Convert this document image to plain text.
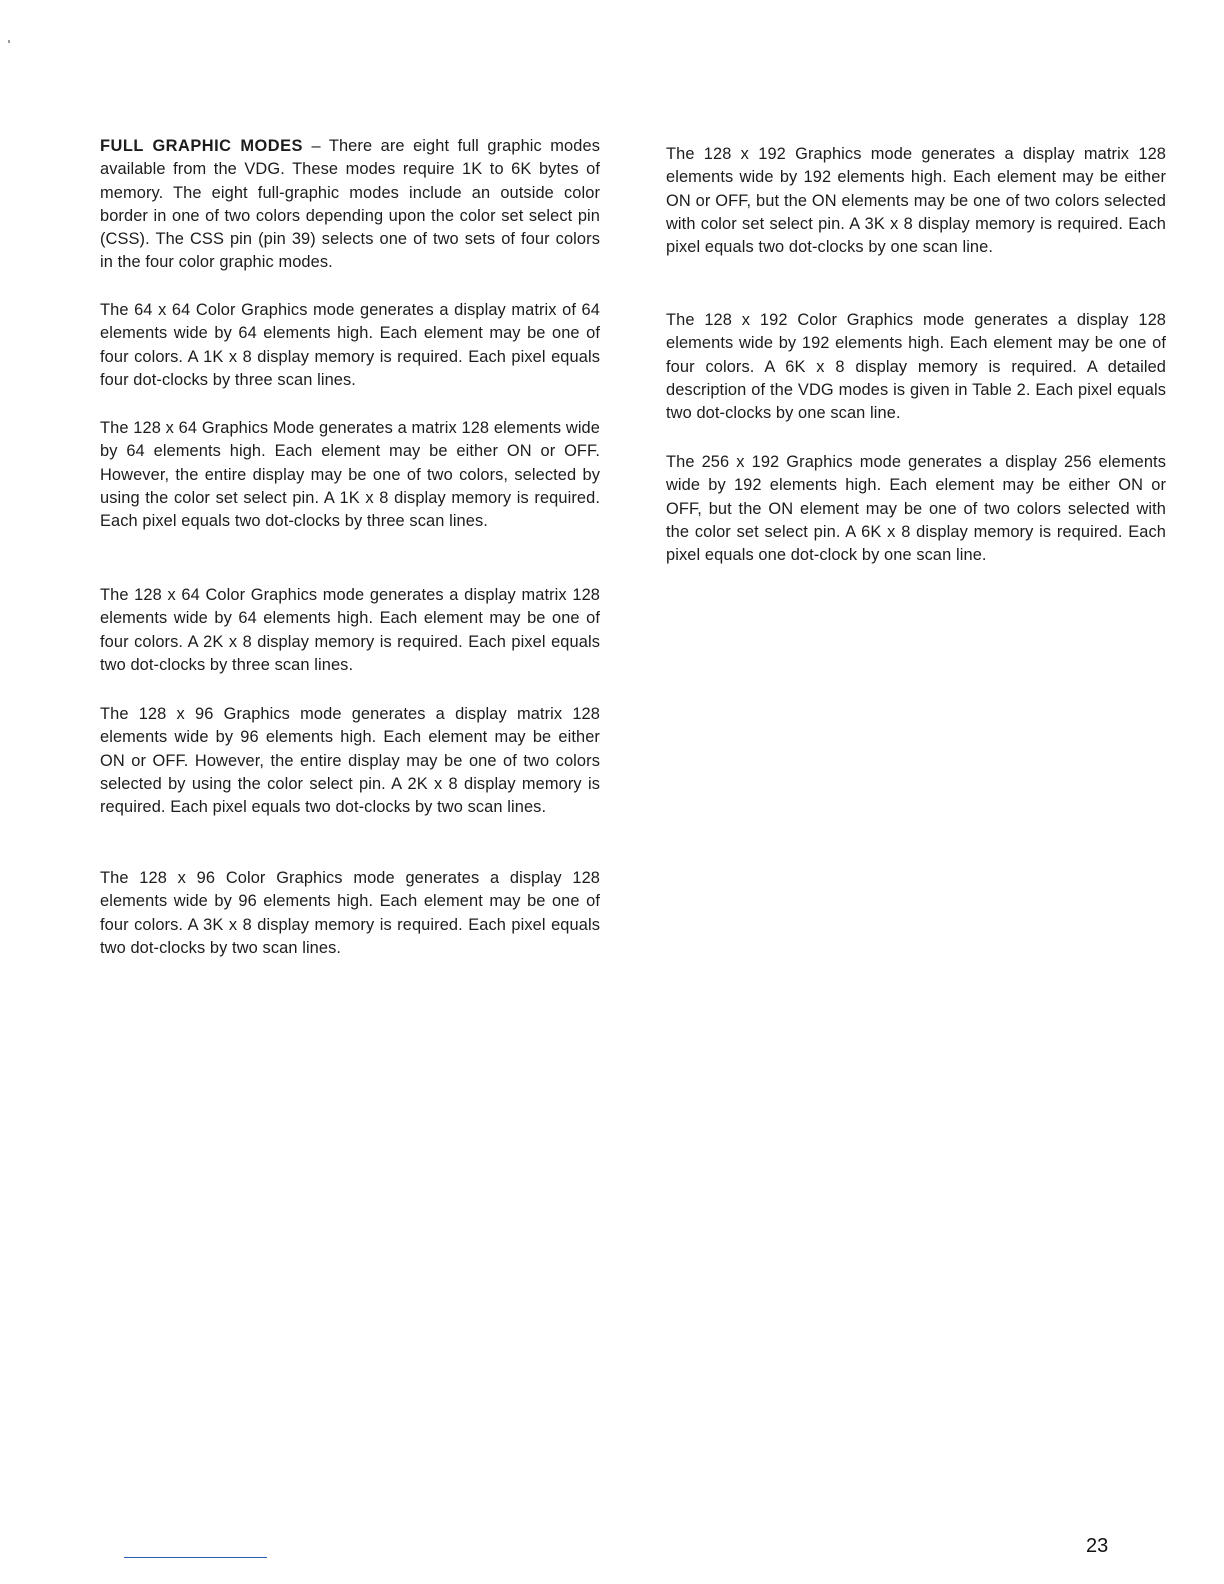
FULL GRAPHIC MODES – There are eight full graphic modes available from the VDG. These modes require 1K to 6K bytes of memory. The eight full-graphic modes include an outside color border in one of two colors depending upon the color set select pin (CSS). The CSS pin (pin 39) selects one of two sets of four colors in the four color graphic modes.

The 64 x 64 Color Graphics mode generates a display matrix of 64 elements wide by 64 elements high. Each element may be one of four colors. A 1K x 8 display memory is required. Each pixel equals four dot-clocks by three scan lines.

The 128 x 64 Graphics Mode generates a matrix 128 elements wide by 64 elements high. Each element may be either ON or OFF. However, the entire display may be one of two colors, selected by using the color set select pin. A 1K x 8 display memory is required. Each pixel equals two dot-clocks by three scan lines.

The 128 x 64 Color Graphics mode generates a display matrix 128 elements wide by 64 elements high. Each element may be one of four colors. A 2K x 8 display memory is required. Each pixel equals two dot-clocks by three scan lines.

The 128 x 96 Graphics mode generates a display matrix 128 elements wide by 96 elements high. Each element may be either ON or OFF. However, the entire display may be one of two colors selected by using the color select pin. A 2K x 8 display memory is required. Each pixel equals two dot-clocks by two scan lines.

The 128 x 96 Color Graphics mode generates a display 128 elements wide by 96 elements high. Each element may be one of four colors. A 3K x 8 display memory is required. Each pixel equals two dot-clocks by two scan lines.

The 128 x 192 Graphics mode generates a display matrix 128 elements wide by 192 elements high. Each element may be either ON or OFF, but the ON elements may be one of two colors selected with color set select pin. A 3K x 8 display memory is required. Each pixel equals two dot-clocks by one scan line.

The 128 x 192 Color Graphics mode generates a display 128 elements wide by 192 elements high. Each element may be one of four colors. A 6K x 8 display memory is required. A detailed description of the VDG modes is given in Table 2. Each pixel equals two dot-clocks by one scan line.

The 256 x 192 Graphics mode generates a display 256 elements wide by 192 elements high. Each element may be either ON or OFF, but the ON element may be one of two colors selected with the color set select pin. A 6K x 8 display memory is required. Each pixel equals one dot-clock by one scan line.

23
